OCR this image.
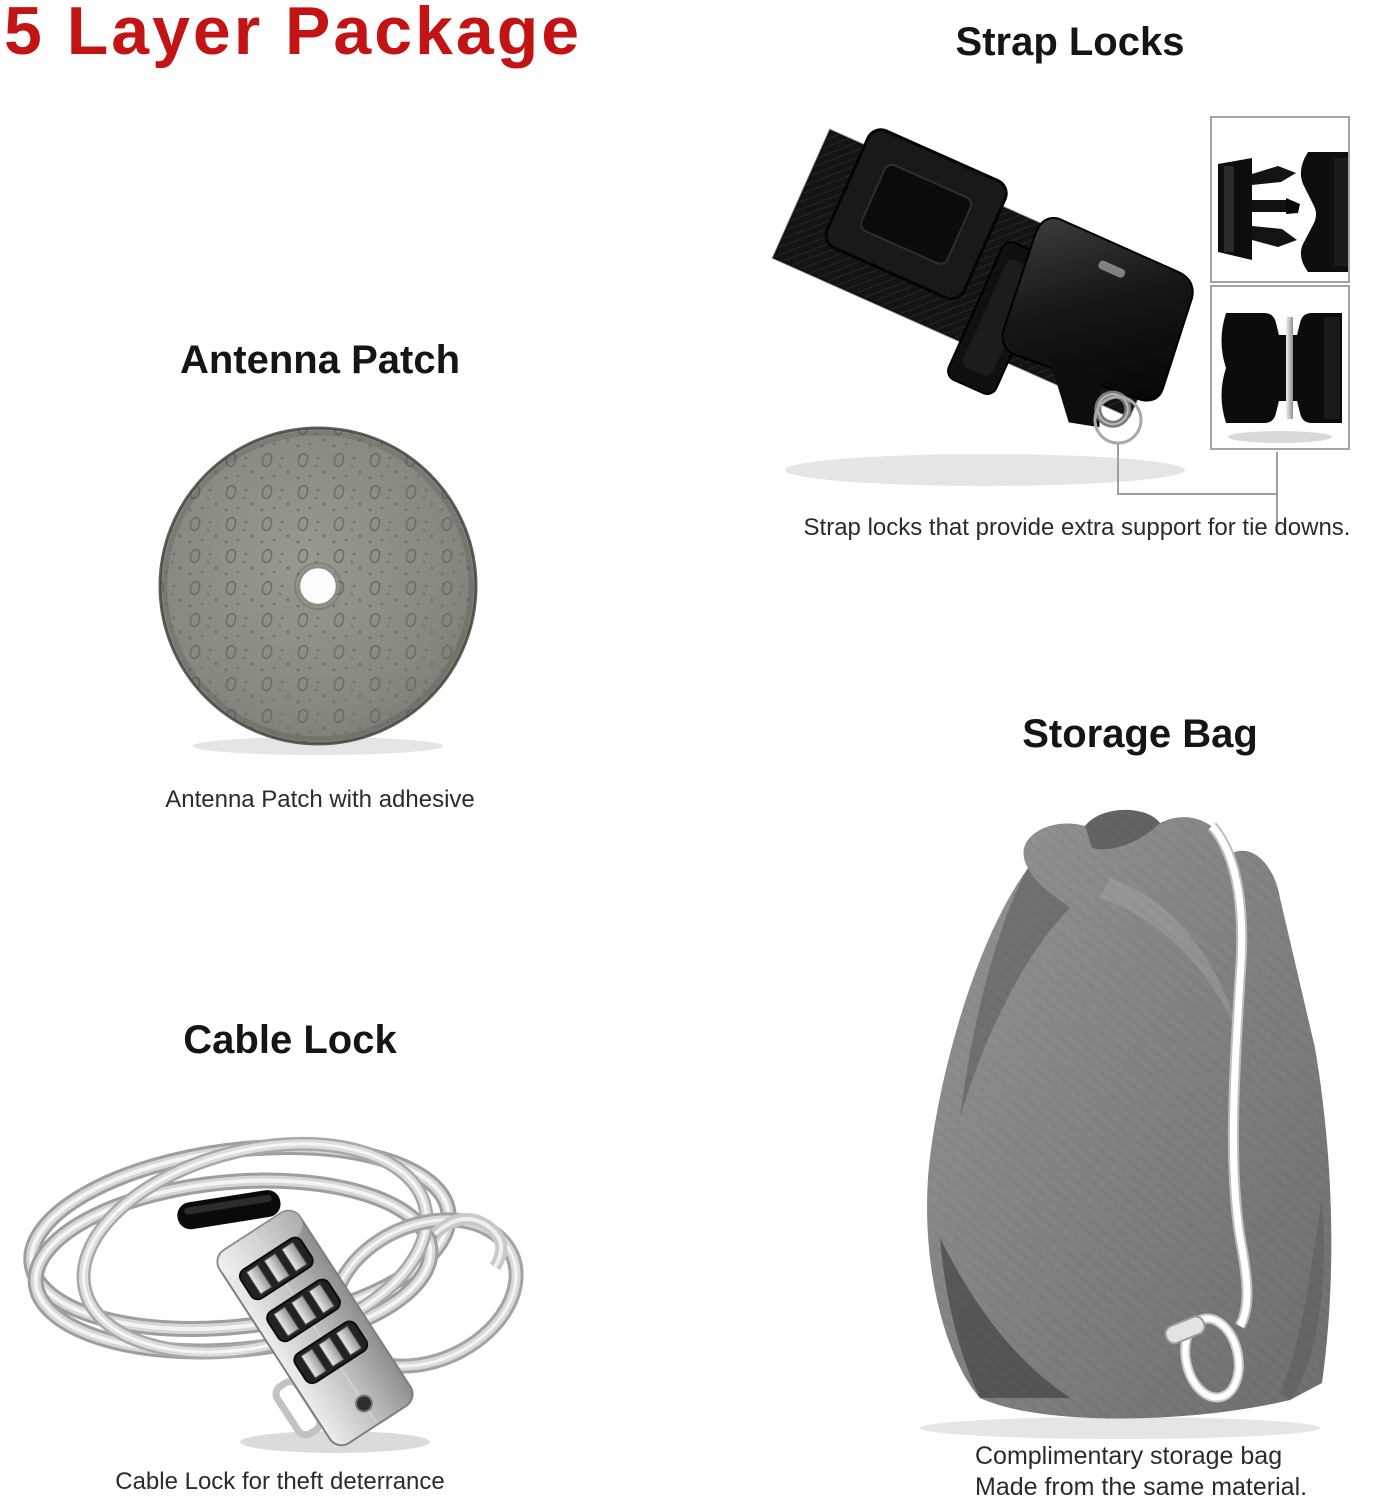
5 Layer Package	Strap Locks
Strap locks that provide extra support for tie downs.
Antenna Patch
Antenna Patch with adhesive
Cable Lock
Cable Lock for theft deterrance
Storage Bag
Complimentary storage bag
Made from the same material.
